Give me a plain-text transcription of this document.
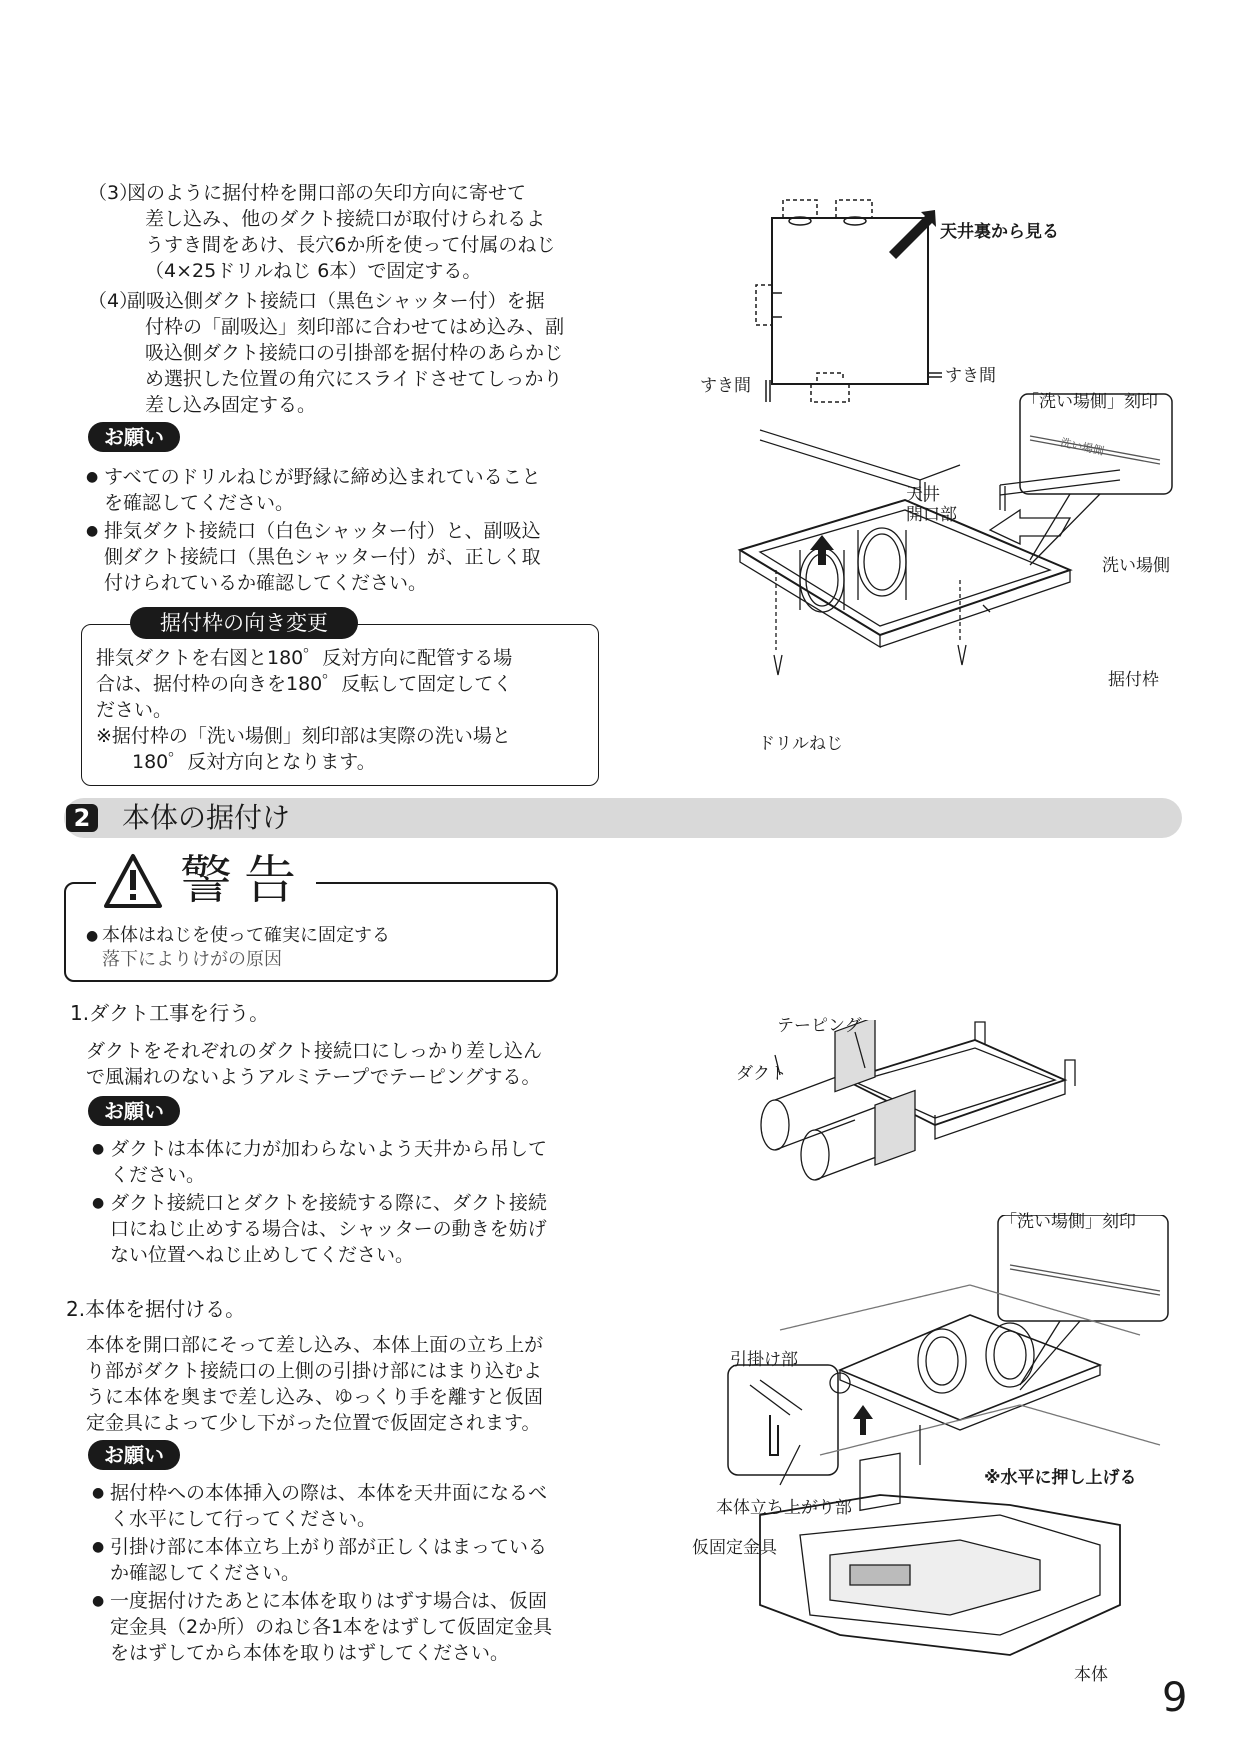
（3）
図のように据付枠を開口部の矢印方向に寄せて
差し込み、他のダクト接続口が取付けられるよ
うすき間をあけ、長穴6か所を使って付属のねじ
（4×25ドリルねじ 6本）で固定する。
（4）
副吸込側ダクト接続口（黒色シャッター付）を据
付枠の「副吸込」刻印部に合わせてはめ込み、副
吸込側ダクト接続口の引掛部を据付枠のあらかじ
め選択した位置の角穴にスライドさせてしっかり
差し込み固定する。
お願い
● すべてのドリルねじが野縁に締め込まれていること
を確認してください。
● 排気ダクト接続口（白色シャッター付）と、副吸込
側ダクト接続口（黒色シャッター付）が、正しく取
付けられているか確認してください。
排気ダクトを右図と180゜反対方向に配管する場
合は、据付枠の向きを180゜反転して固定してく
ださい。
※据付枠の「洗い場側」刻印部は実際の洗い場と
180゜反対方向となります。
据付枠の向き変更
天井裏から見る
すき間	すき間
洗い場側
「洗い場側」刻印
天井
開口部
洗い場側
据付枠
ドリルねじ
2 本体の据付け
● 本体はねじを使って確実に固定する
落下によりけがの原因
警告
1.ダクト工事を行う。
ダクトをそれぞれのダクト接続口にしっかり差し込ん
で風漏れのないようアルミテープでテーピングする。
お願い
● ダクトは本体に力が加わらないよう天井から吊して
ください。
● ダクト接続口とダクトを接続する際に、ダクト接続
口にねじ止めする場合は、シャッターの動きを妨げ
ない位置へねじ止めしてください。
テーピング
ダクト
2.本体を据付ける。
本体を開口部にそって差し込み、本体上面の立ち上が
り部がダクト接続口の上側の引掛け部にはまり込むよ
うに本体を奥まで差し込み、ゆっくり手を離すと仮固
定金具によって少し下がった位置で仮固定されます。
お願い
● 据付枠への本体挿入の際は、本体を天井面になるべ
く水平にして行ってください。
● 引掛け部に本体立ち上がり部が正しくはまっている
か確認してください。
● 一度据付けたあとに本体を取りはずす場合は、仮固
定金具（2か所）のねじ各1本をはずして仮固定金具
をはずしてから本体を取りはずしてください。
「洗い場側」刻印
引掛け部
※水平に押し上げる
本体立ち上がり部
仮固定金具
本体 9
